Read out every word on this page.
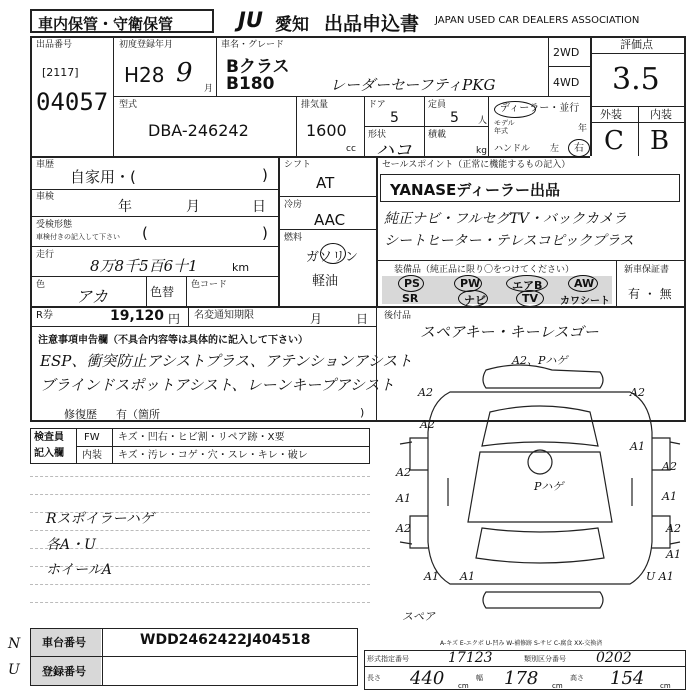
車内保管・守衛保管	JU 愛知 出品申込書 JAPAN USED CAR DEALERS ASSOCIATION
出品番号
[2117]
04057
初度登録年月
H28 9
月
車名・グレード
Bクラス
B180	レーダーセーフティPKG
2WD
4WD
評価点
3.5
外装	内装
C B
型式
DBA-246242
排気量
1600
cc
ドア
5
形状
ハコ
定員
5 人
積載
kg
ディーラー・並行
モデル年式	年
ハンドル 左 右
車歴
自家用・(	)
車検
年	月	日
受検形態
車検付きの記入して下さい (	)
走行
8万8千5百6十1	km
色
アカ	色替 色コード
シフト
AT
冷房
AAC
燃料
ガソリン
軽油
セールスポイント（正常に機能するもの記入）
YANASEディーラー出品
純正ナビ・フルセグTV・バックカメラ
シートヒーター・テレスコピックプラス
装備品（純正品に限り〇をつけてください）	新車保証書
有 ・ 無
PS	PW	エアB	AW
SR	ナビ	TV カワシート
R券	19,120 円 名変通知期限	月	日 後付品
スペアキー・キーレスゴー
注意事項申告欄（不具合内容等は具体的に記入して下さい）
ESP、衝突防止アシストプラス、アテンションアシスト
ブラインドスポットアシスト、レーンキープアシスト
修復歴 有（箇所	)
検査員
記入欄
FW
内装
キズ・凹右・ヒビ割・リペア跡・X要
キズ・汚レ・コゲ・穴・スレ・キレ・破レ
Rスポイラーハゲ
各A・U
ホイールA
A2、Pハゲ
A2	A2
A1
A2
A2
A2
A1
A2
A1
A1
A2
A1
Pハゲ
A1	U A1
スペア
A-キズ E-エクボ U-凹み W-補修跡 S-サビ C-腐食 XX-交換済
車台番号	WDD2462422J404518
登録番号
形式指定番号	17123	類別区分番号 0202
長さ 440 cm
幅 178 cm
高さ 154 cm
N
U
